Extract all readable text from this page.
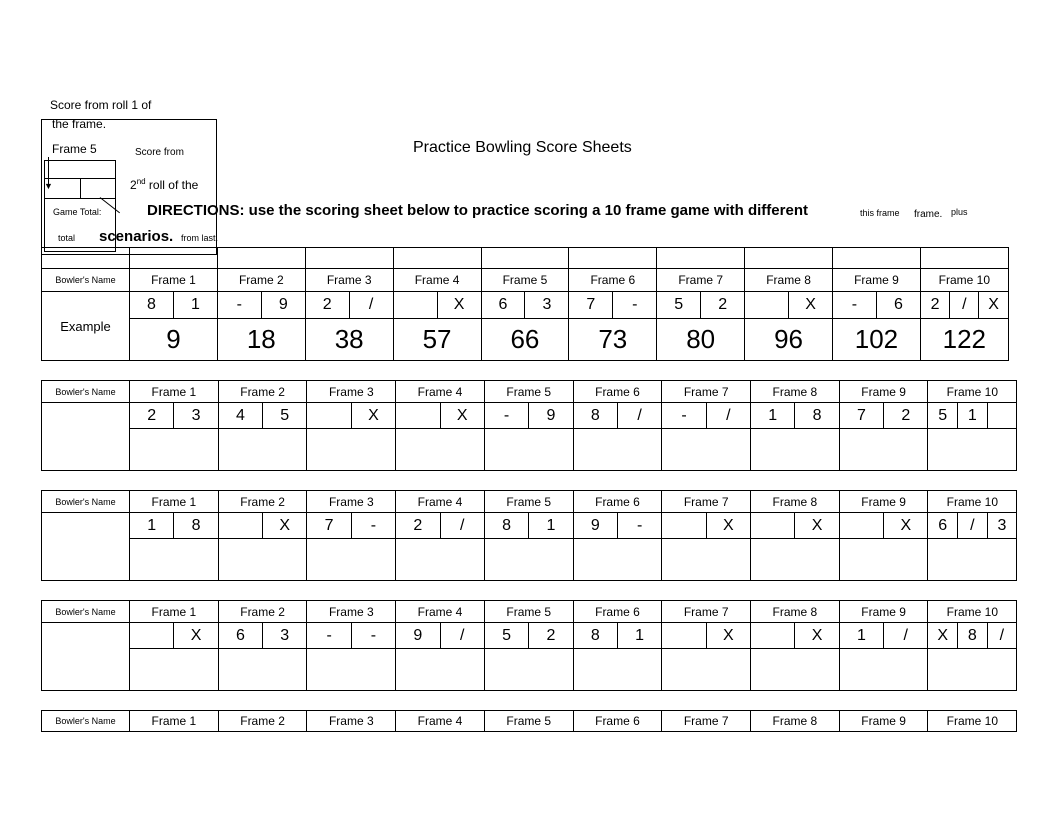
Score from roll 1 of
the frame.
Frame 5	Score from
2nd roll of the
▼
Game Total:
total
Practice Bowling Score Sheets
DIRECTIONS: use the scoring sheet below to practice scoring a 10 frame game with different	this frame frame. plus
scenarios. from last.

Bowler's Name	Frame 1		Frame 2		Frame 3		Frame 4		Frame 5		Frame 6		Frame 7		Frame 8		Frame 9		Frame 10		
Example	8	1	-	9	2	/		X	6	3	7	-	5	2		X	-	6	2	/	X
	9		18		38		57		66		73		80		96		102		122		
Bowler's Name	Frame 1		Frame 2		Frame 3		Frame 4		Frame 5		Frame 6		Frame 7		Frame 8		Frame 9		Frame 10		
	2	3	4	5		X		X	-	9	8	/	-	/	1	8	7	2	5	1	

Bowler's Name	Frame 1		Frame 2		Frame 3		Frame 4		Frame 5		Frame 6		Frame 7		Frame 8		Frame 9		Frame 10		
	1	8		X	7	-	2	/	8	1	9	-		X		X		X	6	/	3

Bowler's Name	Frame 1		Frame 2		Frame 3		Frame 4		Frame 5		Frame 6		Frame 7		Frame 8		Frame 9		Frame 10		
		X	6	3	-	-	9	/	5	2	8	1		X		X	1	/	X	8	/

Bowler's Name	Frame 1	Frame 2	Frame 3	Frame 4	Frame 5	Frame 6	Frame 7	Frame 8	Frame 9	Frame 10
